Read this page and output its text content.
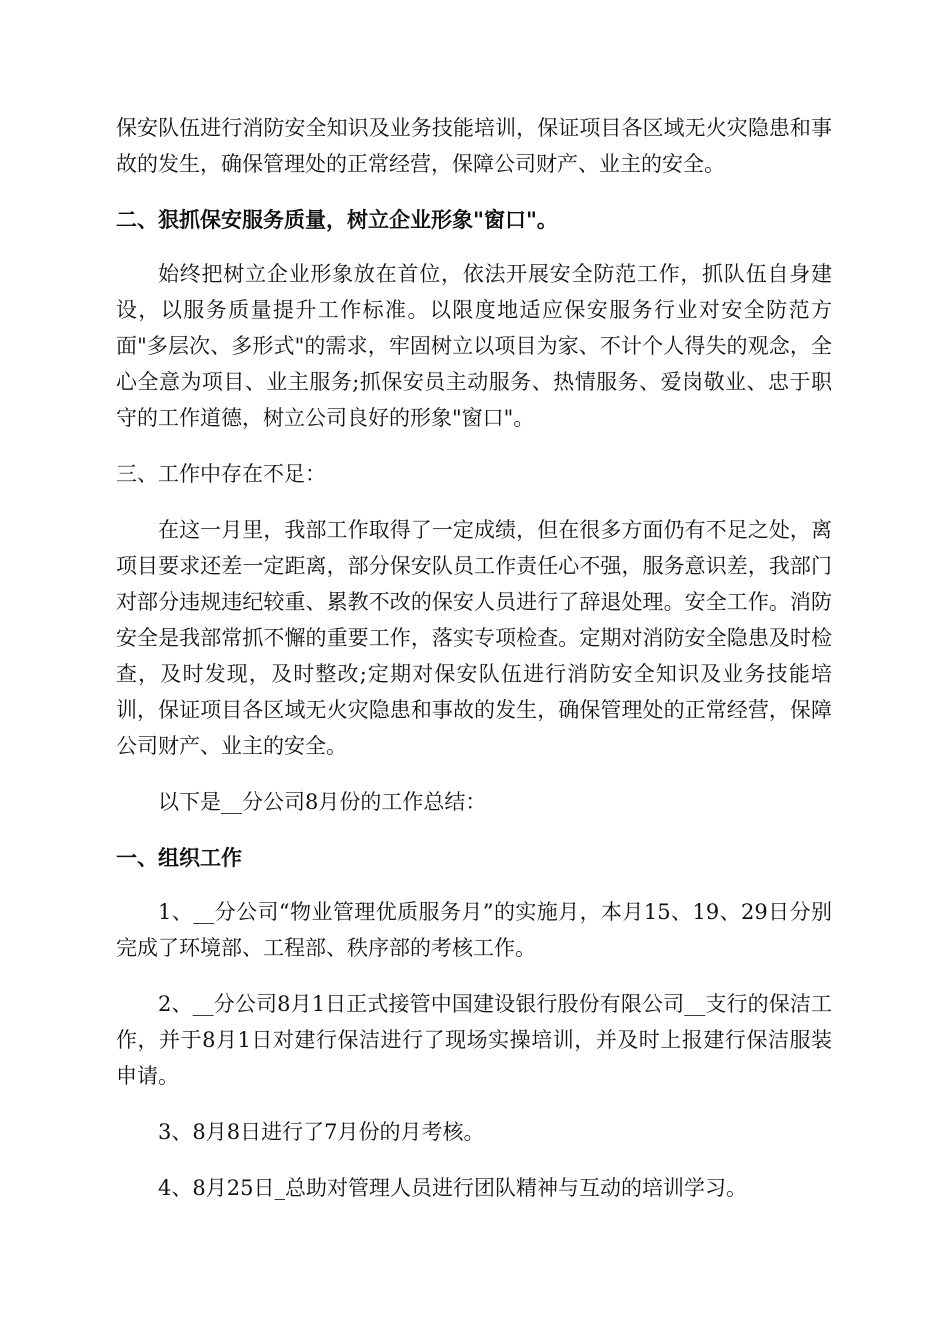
保安队伍进行消防安全知识及业务技能培训，保证项目各区域无火灾隐患和事故的发生，确保管理处的正常经营，保障公司财产、业主的安全。

二、狠抓保安服务质量，树立企业形象"窗口"。

始终把树立企业形象放在首位，依法开展安全防范工作，抓队伍自身建设，以服务质量提升工作标准。以限度地适应保安服务行业对安全防范方面"多层次、多形式"的需求，牢固树立以项目为家、不计个人得失的观念，全心全意为项目、业主服务;抓保安员主动服务、热情服务、爱岗敬业、忠于职守的工作道德，树立公司良好的形象"窗口"。

三、工作中存在不足：

在这一月里，我部工作取得了一定成绩，但在很多方面仍有不足之处，离项目要求还差一定距离，部分保安队员工作责任心不强，服务意识差，我部门对部分违规违纪较重、累教不改的保安人员进行了辞退处理。安全工作。消防安全是我部常抓不懈的重要工作，落实专项检查。定期对消防安全隐患及时检查，及时发现，及时整改;定期对保安队伍进行消防安全知识及业务技能培训，保证项目各区域无火灾隐患和事故的发生，确保管理处的正常经营，保障公司财产、业主的安全。

以下是__分公司8月份的工作总结：

一、组织工作

1、__分公司“物业管理优质服务月”的实施月，本月15、19、29日分别完成了环境部、工程部、秩序部的考核工作。

2、__分公司8月1日正式接管中国建设银行股份有限公司__支行的保洁工作，并于8月1日对建行保洁进行了现场实操培训，并及时上报建行保洁服装申请。

3、8月8日进行了7月份的月考核。

4、8月25日_总助对管理人员进行团队精神与互动的培训学习。
